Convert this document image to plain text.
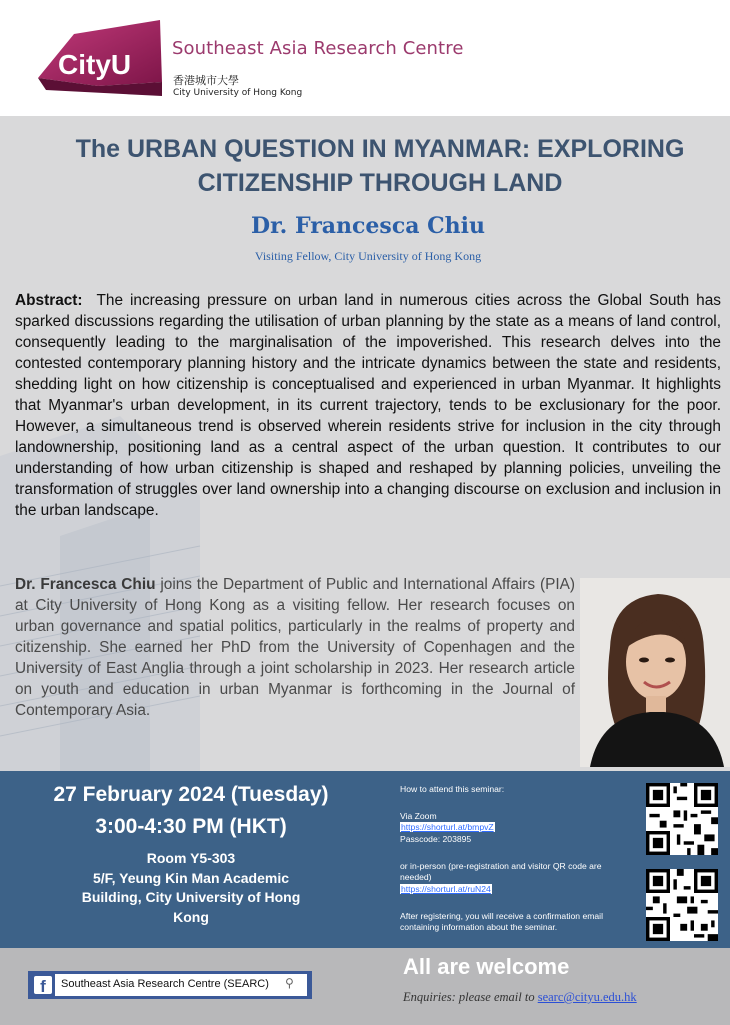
CityU
Southeast Asia Research Centre
香港城市大學
City University of Hong Kong
The URBAN QUESTION IN MYANMAR: EXPLORING CITIZENSHIP THROUGH LAND
Dr. Francesca Chiu
Visiting Fellow, City University of Hong Kong
Abstract: The increasing pressure on urban land in numerous cities across the Global South has sparked discussions regarding the utilisation of urban planning by the state as a means of land control, consequently leading to the marginalisation of the impoverished. This research delves into the contested contemporary planning history and the intricate dynamics between the state and residents, shedding light on how citizenship is conceptualised and experienced in urban Myanmar. It highlights that Myanmar's urban development, in its current trajectory, tends to be exclusionary for the poor. However, a simultaneous trend is observed wherein residents strive for inclusion in the city through landownership, positioning land as a central aspect of the urban question. It contributes to our understanding of how urban citizenship is shaped and reshaped by planning policies, unveiling the transformation of struggles over land ownership into a changing discourse on exclusion and inclusion in the urban landscape.
Dr. Francesca Chiu joins the Department of Public and International Affairs (PIA) at City University of Hong Kong as a visiting fellow. Her research focuses on urban governance and spatial politics, particularly in the realms of property and citizenship. She earned her PhD from the University of Copenhagen and the University of East Anglia through a joint scholarship in 2023. Her research article on youth and education in urban Myanmar is forthcoming in the Journal of Contemporary Asia.
27 February 2024 (Tuesday)
3:00-4:30 PM (HKT)
Room Y5-303
5/F, Yeung Kin Man Academic Building, City University of Hong Kong
How to attend this seminar:
Via Zoom
https://shorturl.at/bmpvZ
Passcode: 203895
or in-person (pre-registration and visitor QR code are needed)
https://shorturl.at/ruN24
After registering, you will receive a confirmation email containing information about the seminar.
f	Southeast Asia Research Centre (SEARC) ⚲
All are welcome
Enquiries: please email to searc@cityu.edu.hk
